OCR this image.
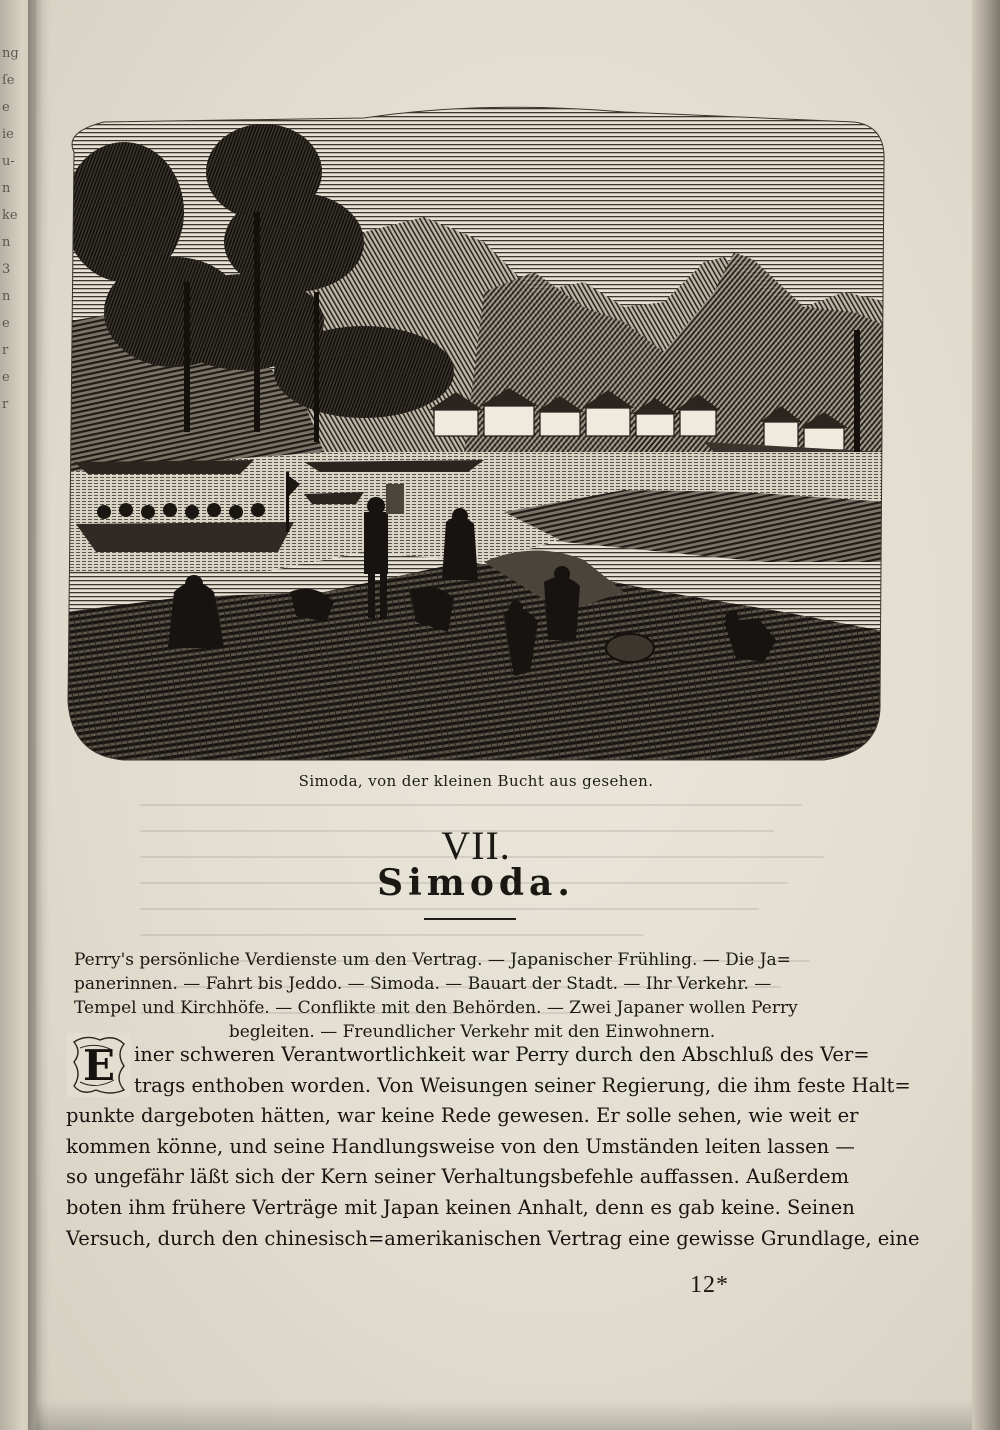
ng
ſe
e
ie
u-
n
ke
n
3
n
e
r
e
r
Simoda, von der kleinen Bucht aus gesehen.
VII.
Simoda.
Perry's persönliche Verdienste um den Vertrag. — Japanischer Frühling. — Die Ja=
panerinnen. — Fahrt bis Jeddo. — Simoda. — Bauart der Stadt. — Ihr Verkehr. —
Tempel und Kirchhöfe. — Conflikte mit den Behörden. — Zwei Japaner wollen Perry
begleiten. — Freundlicher Verkehr mit den Einwohnern.
E iner schweren Verantwortlichkeit war Perry durch den Abschluß des Ver=
trags enthoben worden. Von Weisungen seiner Regierung, die ihm feste Halt=
punkte dargeboten hätten, war keine Rede gewesen. Er solle sehen, wie weit er
kommen könne, und seine Handlungsweise von den Umständen leiten lassen —
so ungefähr läßt sich der Kern seiner Verhaltungsbefehle auffassen. Außerdem
boten ihm frühere Verträge mit Japan keinen Anhalt, denn es gab keine. Seinen
Versuch, durch den chinesisch=amerikanischen Vertrag eine gewisse Grundlage, eine
12*
